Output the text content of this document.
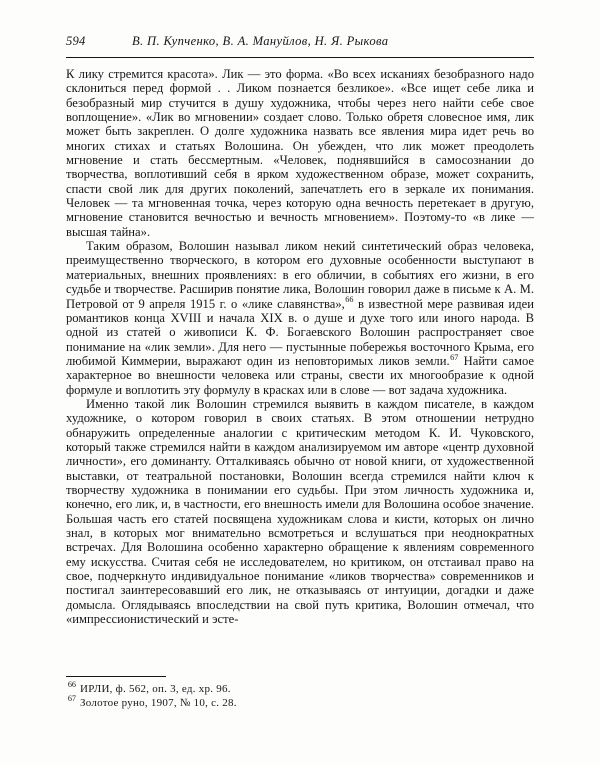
594	В. П. Купченко, В. А. Мануйлов, Н. Я. Рыкова

К лику стремится красота». Лик — это форма. «Во всех исканиях безобразного надо склониться перед формой . . Ликом познается безликое». «Все ищет себе лика и безобразный мир стучится в душу художника, чтобы через него найти себе свое воплощение». «Лик во мгновении» создает слово. Только обретя словесное имя, лик может быть закреплен. О долге художника назвать все явления мира идет речь во многих стихах и статьях Волошина. Он убежден, что лик может преодолеть мгновение и стать бессмертным. «Человек, поднявшийся в самосознании до творчества, воплотивший себя в ярком художественном образе, может сохранить, спасти свой лик для других поколений, запечатлеть его в зеркале их понимания. Человек — та мгновенная точка, через которую одна вечность перетекает в другую, мгновение становится вечностью и вечность мгновением». Поэтому-то «в лике — высшая тайна».

Таким образом, Волошин называл ликом некий синтетический образ человека, преимущественно творческого, в котором его духовные особенности выступают в материальных, внешних проявлениях: в его обличии, в событиях его жизни, в его судьбе и творчестве. Расширив понятие лика, Волошин говорил даже в письме к А. М. Петровой от 9 апреля 1915 г. о «лике славянства»,$^{66}$ в известной мере развивая идеи романтиков конца XVIII и начала XIX в. о душе и духе того или иного народа. В одной из статей о живописи К. Ф. Богаевского Волошин распространяет свое понимание на «лик земли». Для него — пустынные побережья восточного Крыма, его любимой Киммерии, выражают один из неповторимых ликов земли.$^{67}$ Найти самое характерное во внешности человека или страны, свести их многообразие к одной формуле и воплотить эту формулу в красках или в слове — вот задача художника.

Именно такой лик Волошин стремился выявить в каждом писателе, в каждом художнике, о котором говорил в своих статьях. В этом отношении нетрудно обнаружить определенные аналогии с критическим методом К. И. Чуковского, который также стремился найти в каждом анализируемом им авторе «центр духовной личности», его доминанту. Отталкиваясь обычно от новой книги, от художественной выставки, от театральной постановки, Волошин всегда стремился найти ключ к творчеству художника в понимании его судьбы. При этом личность художника и, конечно, его лик, и, в частности, его внешность имели для Волошина особое значение. Большая часть его статей посвящена художникам слова и кисти, которых он лично знал, в которых мог внимательно всмотреться и вслушаться при неоднократных встречах. Для Волошина особенно характерно обращение к явлениям современного ему искусства. Считая себя не исследователем, но критиком, он отстаивал право на свое, подчеркнуто индивидуальное понимание «ликов творчества» современников и постигал заинтересовавший его лик, не отказываясь от интуиции, догадки и даже домысла. Оглядываясь впоследствии на свой путь критика, Волошин отмечал, что «импрессионистический и эсте-

66 ИРЛИ, ф. 562, оп. 3, ед. хр. 96.
67 Золотое руно, 1907, № 10, с. 28.
